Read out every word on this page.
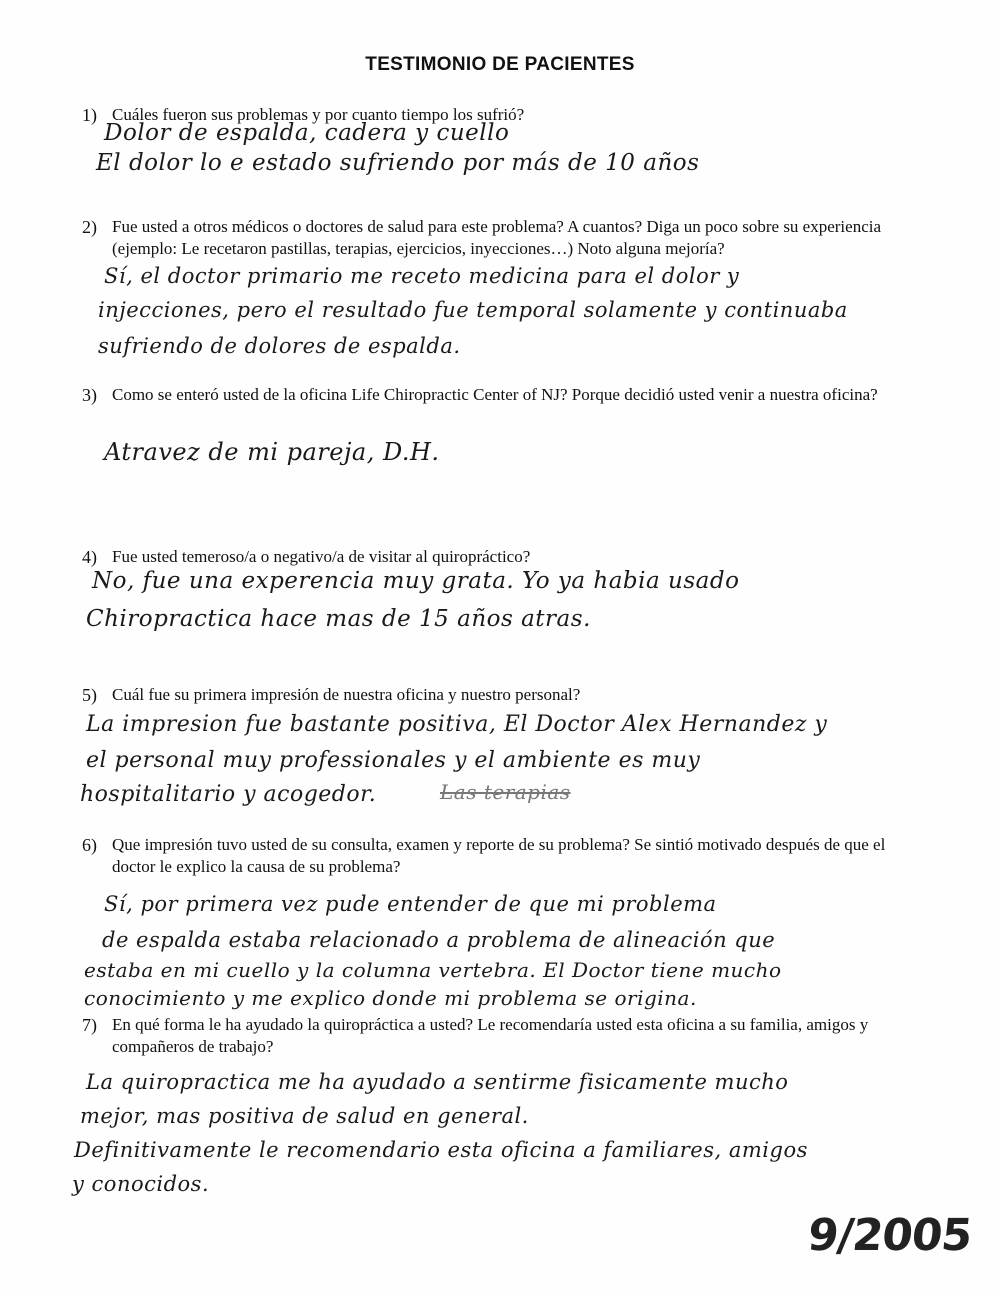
TESTIMONIO DE PACIENTES
1) Cuáles fueron sus problemas y por cuanto tiempo los sufrió?
Dolor de espalda, cadera y cuello
El dolor lo e estado sufriendo por más de 10 años
2) Fue usted a otros médicos o doctores de salud para este problema? A cuantos? Diga un poco sobre su experiencia (ejemplo: Le recetaron pastillas, terapias, ejercicios, inyecciones…) Noto alguna mejoría?
Sí, el doctor primario me receto medicina para el dolor y
injecciones, pero el resultado fue temporal solamente y continuaba
sufriendo de dolores de espalda.
3) Como se enteró usted de la oficina Life Chiropractic Center of NJ? Porque decidió usted venir a nuestra oficina?
Atravez de mi pareja, D.H.
4) Fue usted temeroso/a o negativo/a de visitar al quiropráctico?
No, fue una experencia muy grata. Yo ya habia usado
Chiropractica hace mas de 15 años atras.
5) Cuál fue su primera impresión de nuestra oficina y nuestro personal?
La impresion fue bastante positiva, El Doctor Alex Hernandez y
el personal muy professionales y el ambiente es muy
hospitalitario y acogedor.	Las terapias
6) Que impresión tuvo usted de su consulta, examen y reporte de su problema? Se sintió motivado después de que el doctor le explico la causa de su problema?
Sí, por primera vez pude entender de que mi problema
de espalda estaba relacionado a problema de alineación que
estaba en mi cuello y la columna vertebra. El Doctor tiene mucho
conocimiento y me explico donde mi problema se origina.
7) En qué forma le ha ayudado la quiropráctica a usted? Le recomendaría usted esta oficina a su familia, amigos y compañeros de trabajo?
La quiropractica me ha ayudado a sentirme fisicamente mucho
mejor, mas positiva de salud en general.
Definitivamente le recomendario esta oficina a familiares, amigos
y conocidos.
9/2005
